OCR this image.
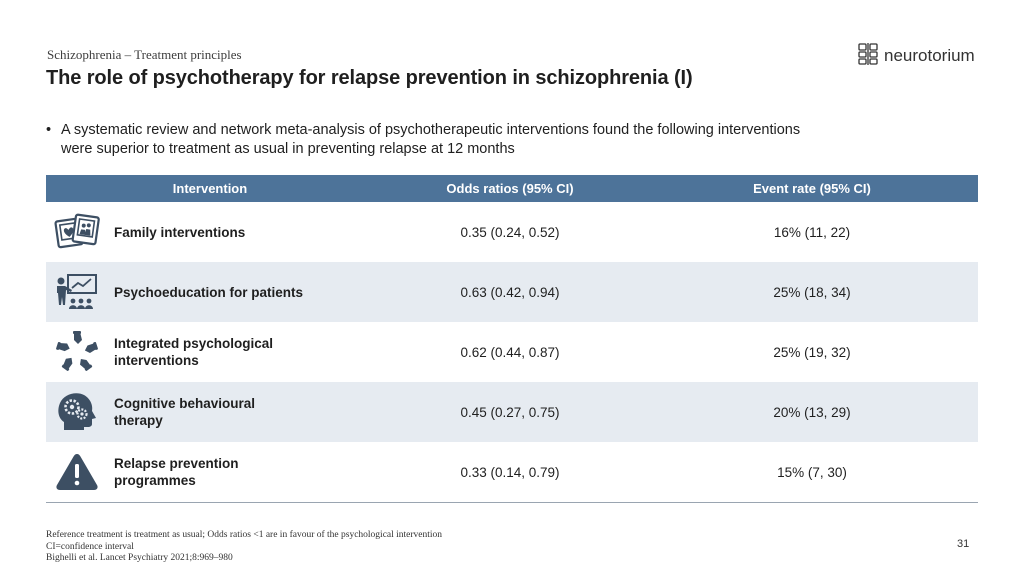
Schizophrenia – Treatment principles
The role of psychotherapy for relapse prevention in schizophrenia (I)
neurotorium
• A systematic review and network meta-analysis of psychotherapeutic interventions found the following interventions were superior to treatment as usual in preventing relapse at 12 months
Intervention	Odds ratios (95% CI)	Event rate (95% CI)

Family interventions	0.35 (0.24, 0.52)	16% (11, 22)

Psychoeducation for patients	0.63 (0.42, 0.94)	25% (18, 34)

Integrated psychological interventions	0.62 (0.44, 0.87)	25% (19, 32)

Cognitive behavioural therapy	0.45 (0.27, 0.75)	20% (13, 29)

Relapse prevention programmes	0.33 (0.14, 0.79)	15% (7, 30)
Reference treatment is treatment as usual; Odds ratios <1 are in favour of the psychological intervention
CI=confidence interval
Bighelli et al. Lancet Psychiatry 2021;8:969–980
31
